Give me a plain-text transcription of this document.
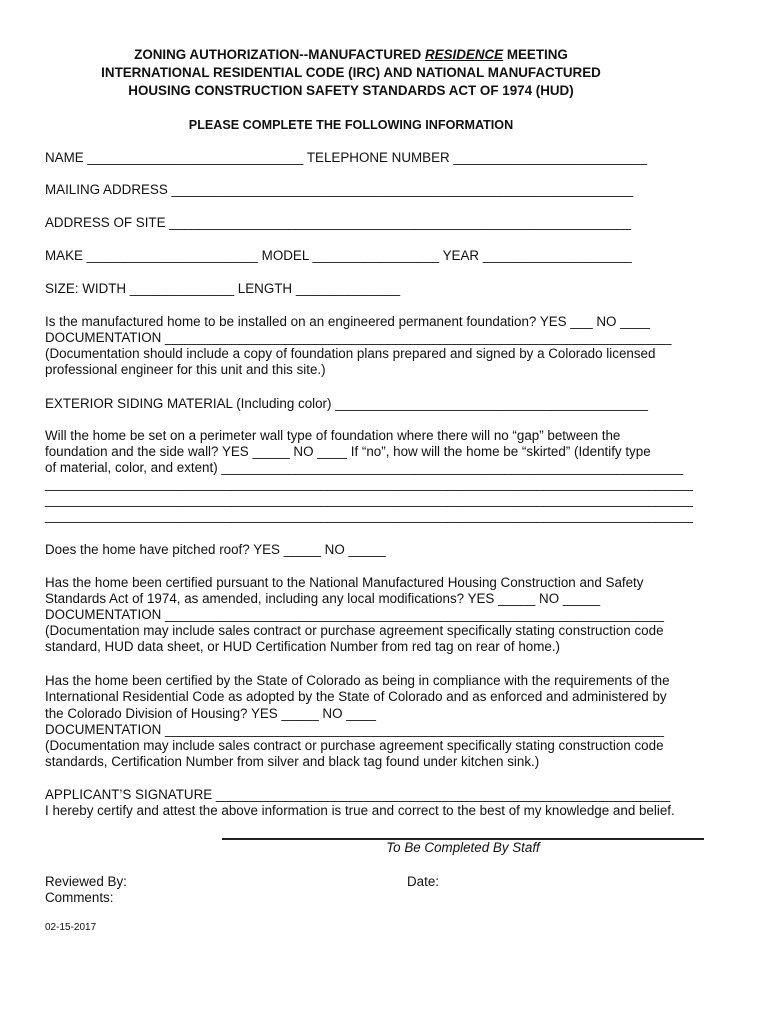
ZONING AUTHORIZATION--MANUFACTURED RESIDENCE MEETING
INTERNATIONAL RESIDENTIAL CODE (IRC) AND NATIONAL MANUFACTURED
HOUSING CONSTRUCTION SAFETY STANDARDS ACT OF 1974 (HUD)
PLEASE COMPLETE THE FOLLOWING INFORMATION
NAME _____________________________ TELEPHONE NUMBER __________________________
MAILING ADDRESS ______________________________________________________________
ADDRESS OF SITE ______________________________________________________________
MAKE _______________________ MODEL _________________ YEAR ____________________
SIZE: WIDTH ______________ LENGTH ______________
Is the manufactured home to be installed on an engineered permanent foundation? YES ___ NO ____
DOCUMENTATION ____________________________________________________________________
(Documentation should include a copy of foundation plans prepared and signed by a Colorado licensed
professional engineer for this unit and this site.)
EXTERIOR SIDING MATERIAL (Including color) __________________________________________
Will the home be set on a perimeter wall type of foundation where there will no “gap” between the
foundation and the side wall? YES _____ NO ____ If “no”, how will the home be “skirted” (Identify type
of material, color, and extent) ______________________________________________________________
_______________________________________________________________________________________
_______________________________________________________________________________________
_______________________________________________________________________________________
Does the home have pitched roof? YES _____ NO _____
Has the home been certified pursuant to the National Manufactured Housing Construction and Safety
Standards Act of 1974, as amended, including any local modifications? YES _____ NO _____
DOCUMENTATION ___________________________________________________________________
(Documentation may include sales contract or purchase agreement specifically stating construction code
standard, HUD data sheet, or HUD Certification Number from red tag on rear of home.)
Has the home been certified by the State of Colorado as being in compliance with the requirements of the
International Residential Code as adopted by the State of Colorado and as enforced and administered by
the Colorado Division of Housing? YES _____ NO ____
DOCUMENTATION ___________________________________________________________________
(Documentation may include sales contract or purchase agreement specifically stating construction code
standards, Certification Number from silver and black tag found under kitchen sink.)
APPLICANT’S SIGNATURE _____________________________________________________________
I hereby certify and attest the above information is true and correct to the best of my knowledge and belief.
To Be Completed By Staff
Reviewed By:	Date:
Comments:
02-15-2017
